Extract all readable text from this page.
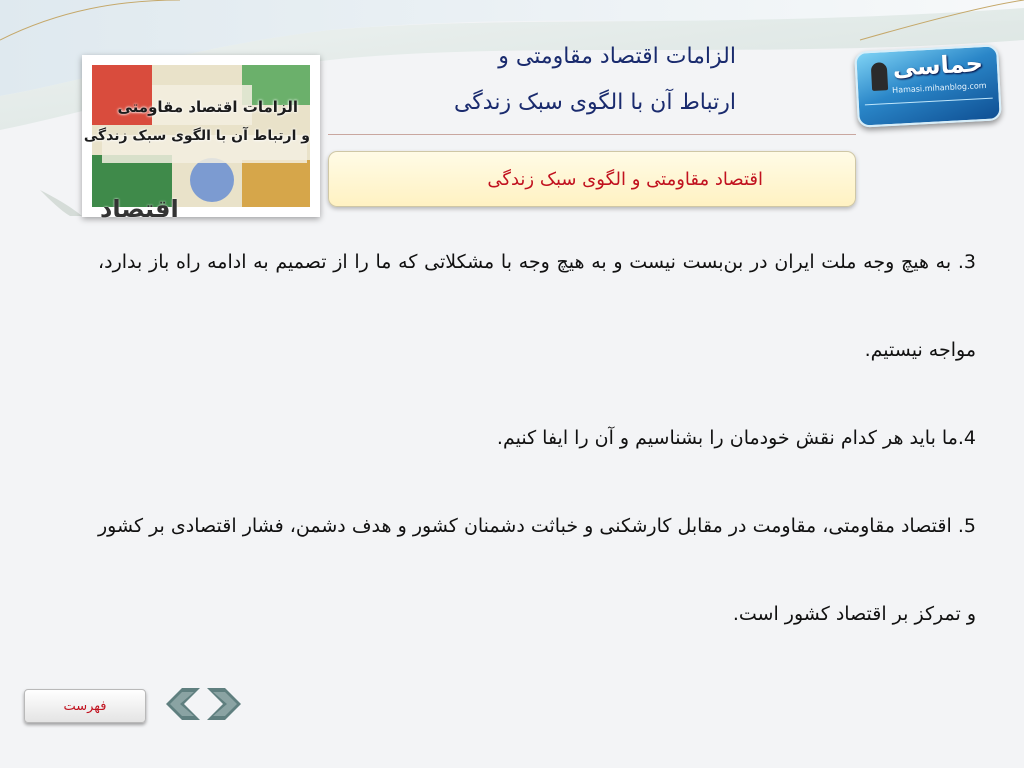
الزامات اقتصاد مقاومتی و
ارتباط آن با الگوی سبک زندگی
اقتصاد مقاومتی و الگوی سبک زندگی
الزامات اقتصاد مقاومتی
و ارتباط آن با الگوی سبک زندگی
اقتصاد
حماسی
Hamasi.mihanblog.com

3. به هیچ وجه ملت ایران در بن‌بست نیست و به هیچ وجه با مشکلاتی که ما را از تصمیم به ادامه راه باز بدارد، مواجه نیستیم.

4.ما باید هر کدام نقش خودمان را بشناسیم و آن را ایفا کنیم.

5. اقتصاد مقاومتی، مقاومت در مقابل کارشکنی و خباثت دشمنان کشور و هدف دشمن، فشار اقتصادی بر کشور و تمرکز بر اقتصاد کشور است.

فهرست
